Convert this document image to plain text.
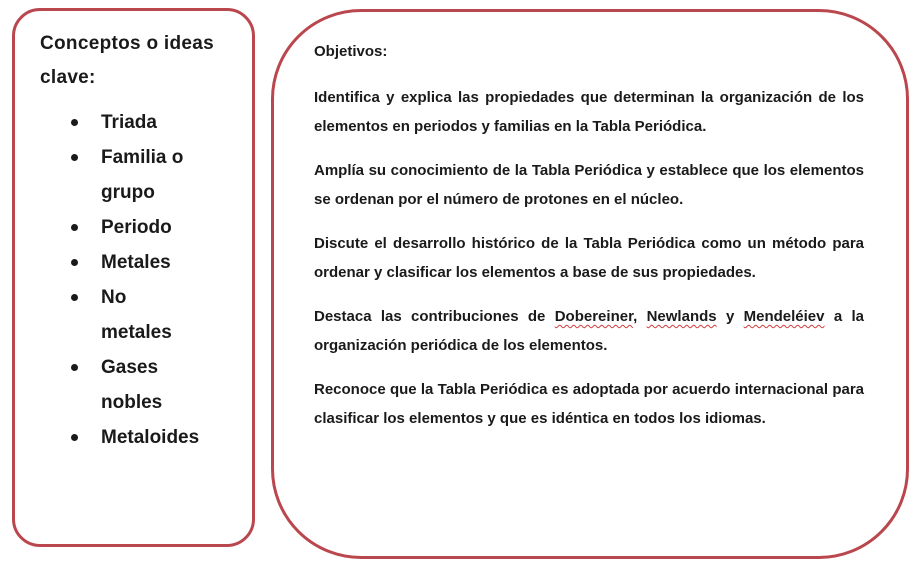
Conceptos o ideas clave:

Triada
Familia o grupo
Periodo
Metales
No metales
Gases nobles
Metaloides

Objetivos:

Identifica y explica las propiedades que determinan la organización de los elementos en periodos y familias en la Tabla Periódica.

Amplía su conocimiento de la Tabla Periódica y establece que los elementos se ordenan por el número de protones en el núcleo.

Discute el desarrollo histórico de la Tabla Periódica como un método para ordenar y clasificar los elementos a base de sus propiedades.

Destaca las contribuciones de Dobereiner, Newlands y Mendeléiev a la organización periódica de los elementos.

Reconoce que la Tabla Periódica es adoptada por acuerdo internacional para clasificar los elementos y que es idéntica en todos los idiomas.
